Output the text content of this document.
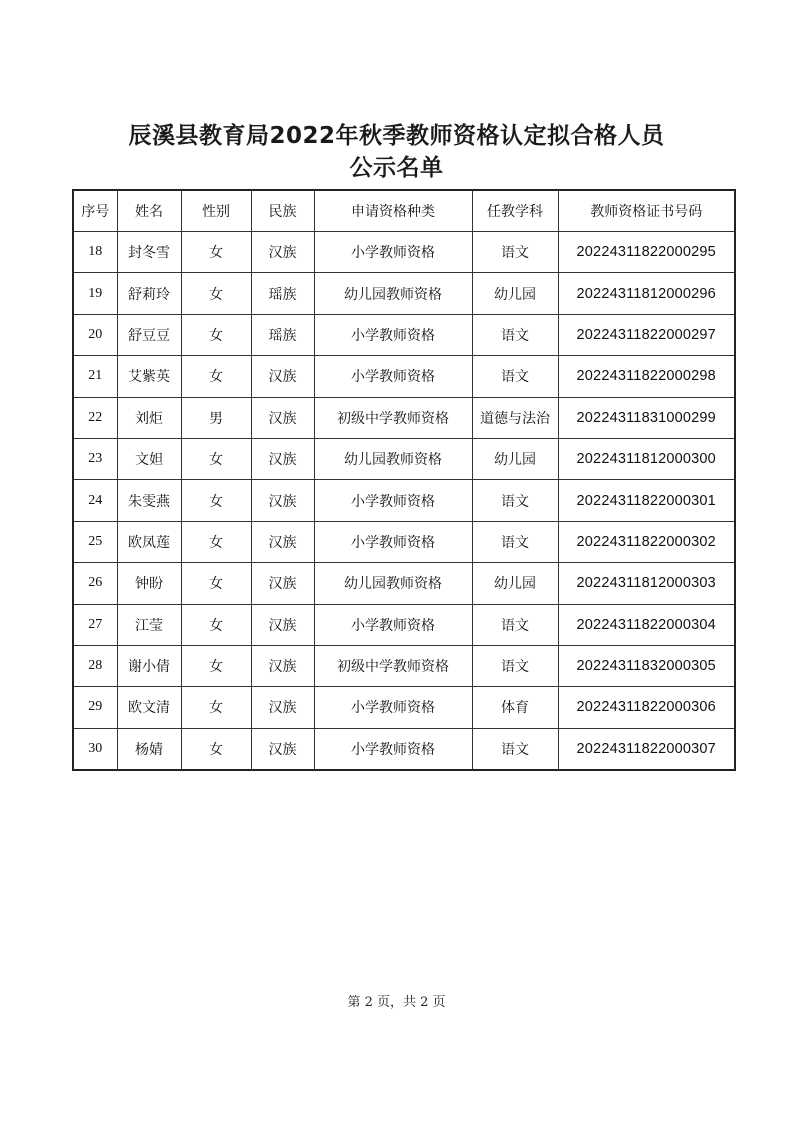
辰溪县教育局2022年秋季教师资格认定拟合格人员
公示名单
序号	姓名	性别	民族	申请资格种类	任教学科	教师资格证书号码
18	封冬雪	女	汉族	小学教师资格	语文	20224311822000295
19	舒莉玲	女	瑶族	幼儿园教师资格	幼儿园	20224311812000296
20	舒豆豆	女	瑶族	小学教师资格	语文	20224311822000297
21	艾紫英	女	汉族	小学教师资格	语文	20224311822000298
22	刘炬	男	汉族	初级中学教师资格	道德与法治	20224311831000299
23	文妲	女	汉族	幼儿园教师资格	幼儿园	20224311812000300
24	朱雯燕	女	汉族	小学教师资格	语文	20224311822000301
25	欧凤莲	女	汉族	小学教师资格	语文	20224311822000302
26	钟盼	女	汉族	幼儿园教师资格	幼儿园	20224311812000303
27	江莹	女	汉族	小学教师资格	语文	20224311822000304
28	谢小倩	女	汉族	初级中学教师资格	语文	20224311832000305
29	欧文清	女	汉族	小学教师资格	体育	20224311822000306
30	杨婧	女	汉族	小学教师资格	语文	20224311822000307
第 2 页，共 2 页
